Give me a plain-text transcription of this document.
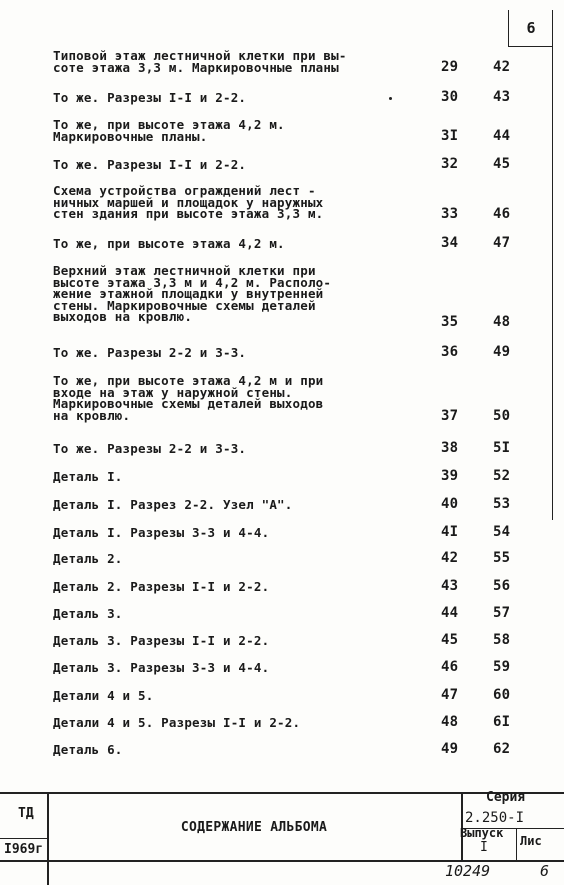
6
Типовой этаж лестничной клетки при вы-
соте этажа 3,3 м. Маркировочные планы	29	42
То же. Разрезы I-I и 2-2.	30	43
То же, при высоте этажа 4,2 м.
Маркировочные планы.	3I	44
То же. Разрезы I-I и 2-2.	32	45
Схема устройства ограждений лест -
ничных маршей и площадок у наружных
стен здания при высоте этажа 3,3 м.	33	46
То же, при высоте этажа 4,2 м.	34	47
Верхний этаж лестничной клетки при
высоте этажа 3,3 м и 4,2 м. Располо-
жение этажной площадки у внутренней
стены. Маркировочные схемы деталей
выходов на кровлю.	35	48
То же. Разрезы 2-2 и 3-3.	36	49
То же, при высоте этажа 4,2 м и при
входе на этаж у наружной стены.
Маркировочные схемы деталей выходов
на кровлю.	37	50
То же. Разрезы 2-2 и 3-3.	38	5I
Деталь I.	39	52
Деталь I. Разрез 2-2. Узел "А".	40	53
Деталь I. Разрезы 3-3 и 4-4.	4I	54
Деталь 2.	42	55
Деталь 2. Разрезы I-I и 2-2.	43	56
Деталь 3.	44	57
Деталь 3. Разрезы I-I и 2-2.	45	58
Деталь 3. Разрезы 3-3 и 4-4.	46	59
Детали 4 и 5.	47	60
Детали 4 и 5. Разрезы I-I и 2-2.	48	6I
Деталь 6.	49	62
ТД
I969г
СОДЕРЖАНИЕ АЛЬБОМА
Серия
2.250-I
Выпуск
I	Лис
10249	6
